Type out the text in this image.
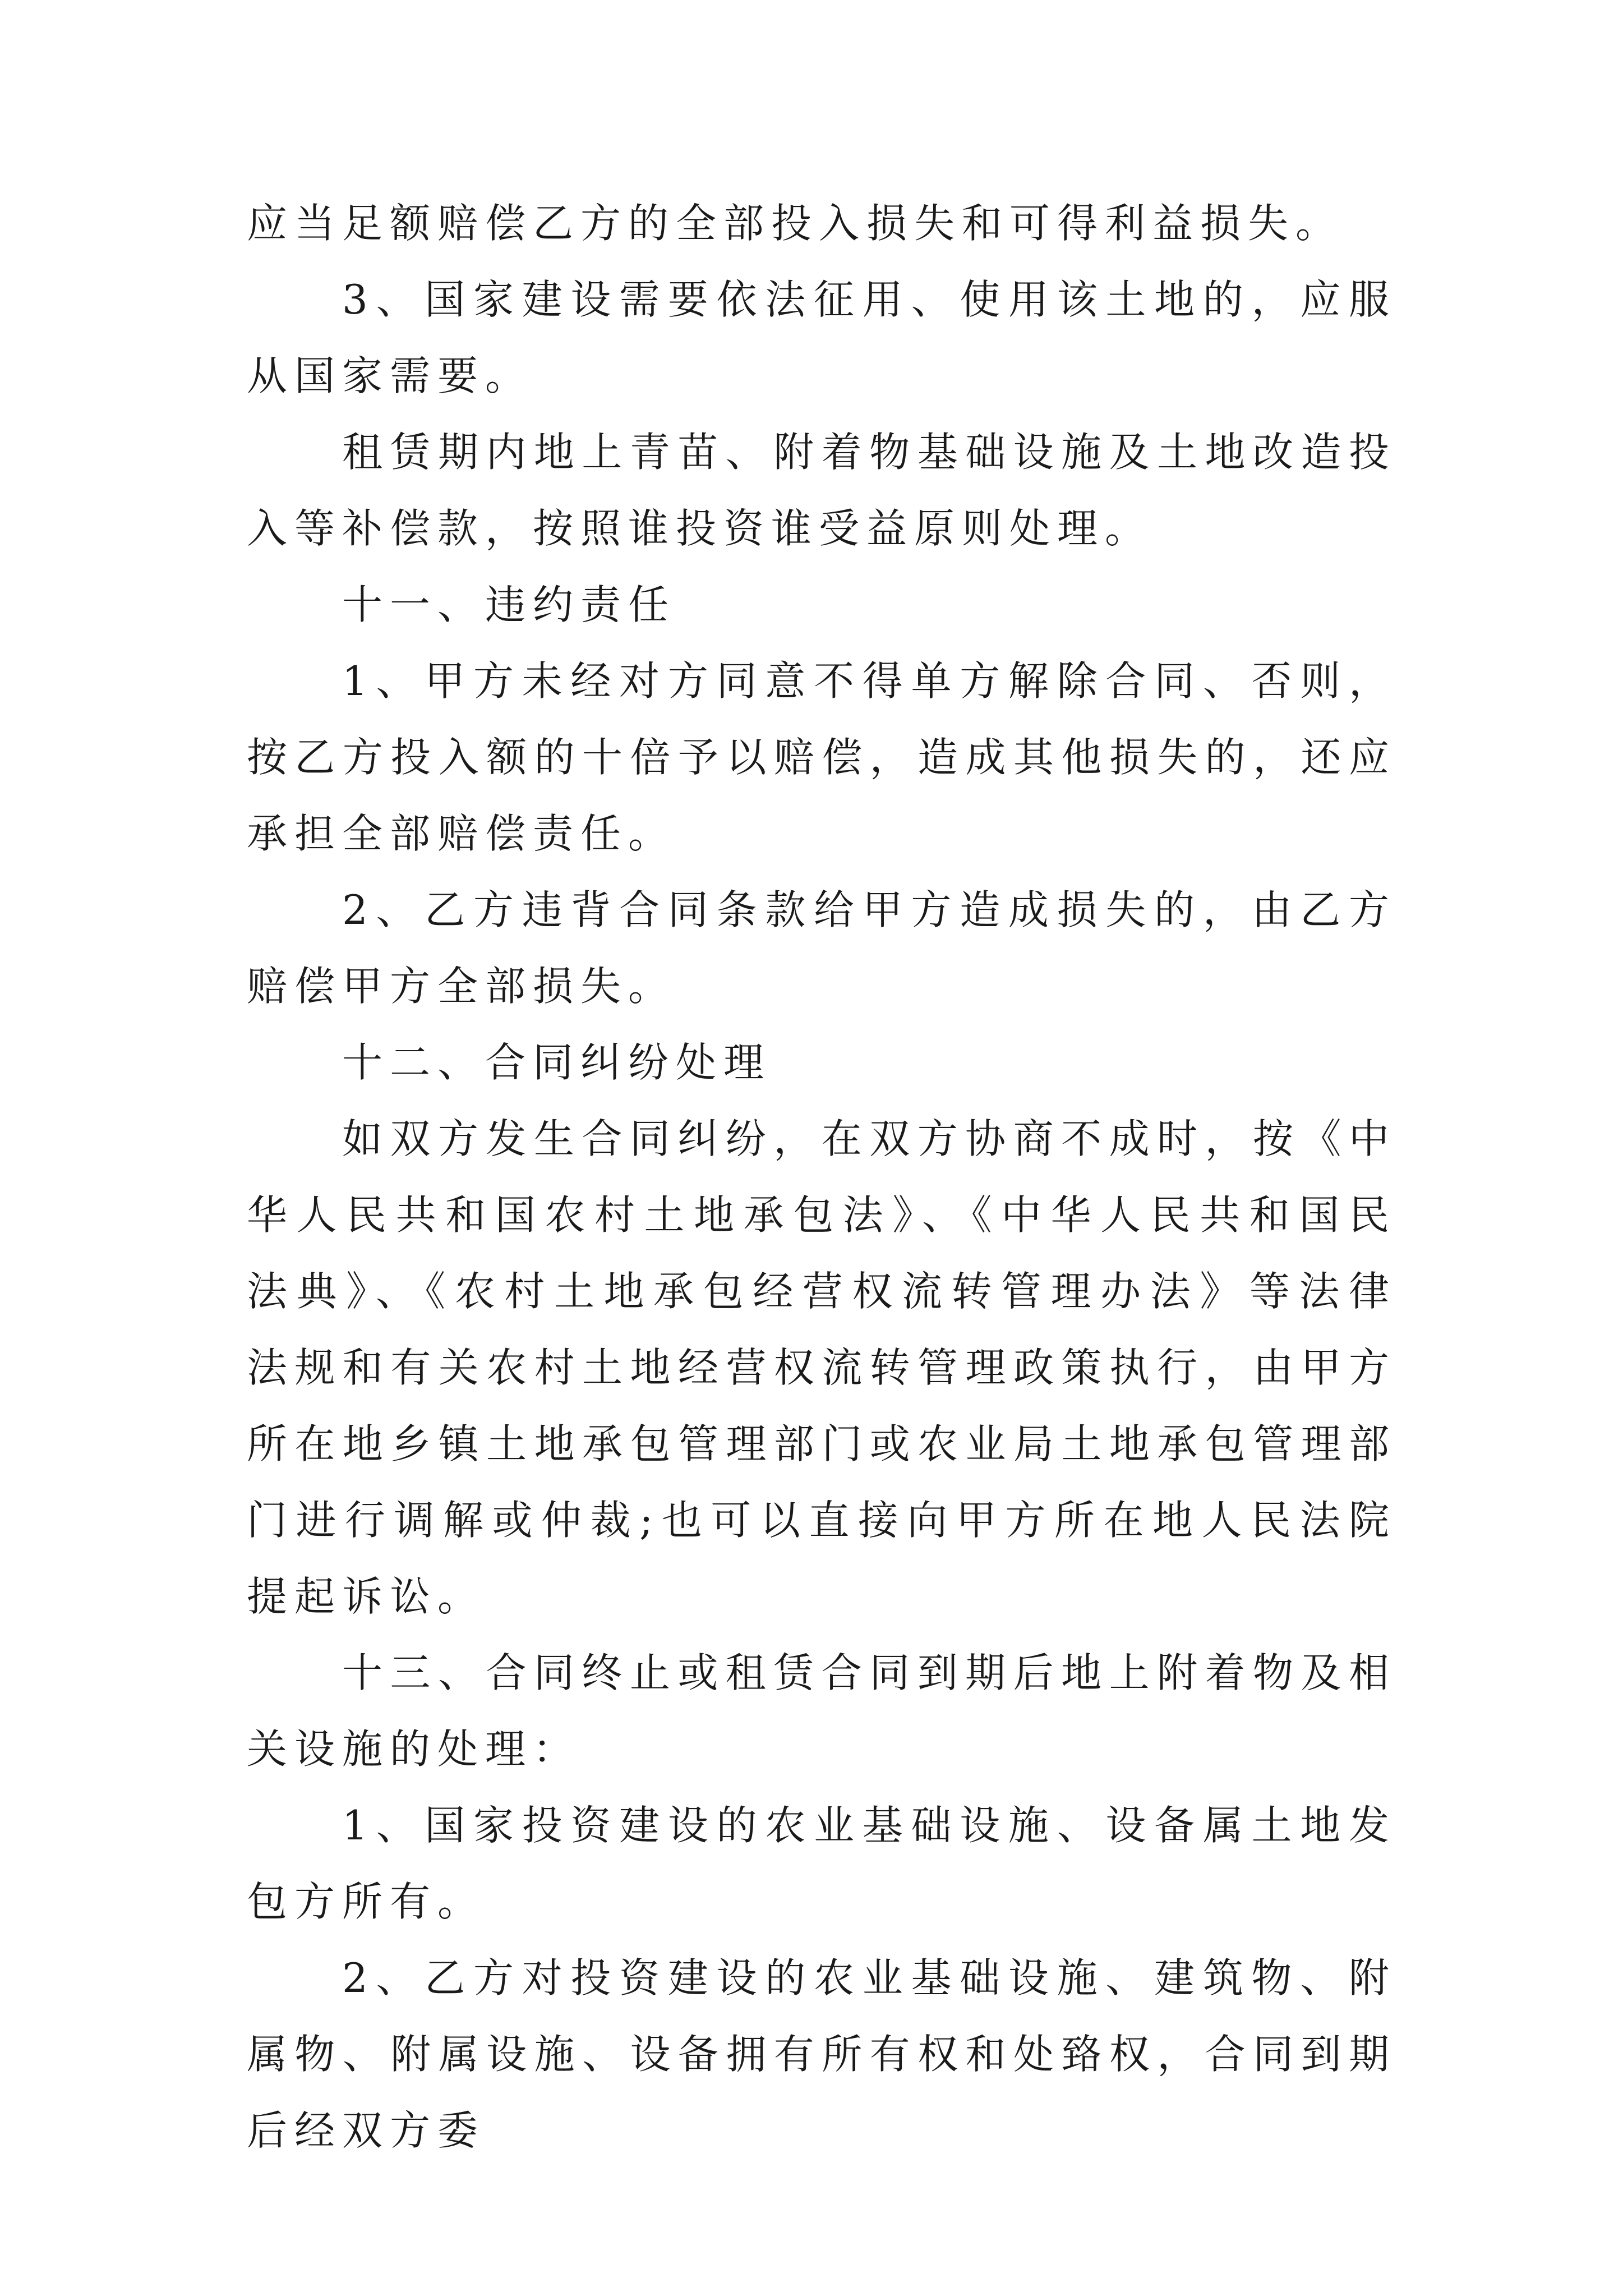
应当足额赔偿乙方的全部投入损失和可得利益损失。

3、国家建设需要依法征用、使用该土地的，应服从国家需要。

租赁期内地上青苗、附着物基础设施及土地改造投入等补偿款，按照谁投资谁受益原则处理。

十一、违约责任

1、甲方未经对方同意不得单方解除合同、否则，按乙方投入额的十倍予以赔偿，造成其他损失的，还应承担全部赔偿责任。

2、乙方违背合同条款给甲方造成损失的，由乙方赔偿甲方全部损失。

十二、合同纠纷处理

如双方发生合同纠纷，在双方协商不成时，按《中华人民共和国农村土地承包法》、《中华人民共和国民法典》、《农村土地承包经营权流转管理办法》等法律法规和有关农村土地经营权流转管理政策执行，由甲方所在地乡镇土地承包管理部门或农业局土地承包管理部门进行调解或仲裁;也可以直接向甲方所在地人民法院提起诉讼。

十三、合同终止或租赁合同到期后地上附着物及相关设施的处理：

1、国家投资建设的农业基础设施、设备属土地发包方所有。

2、乙方对投资建设的农业基础设施、建筑物、附属物、附属设施、设备拥有所有权和处臵权，合同到期后经双方委
